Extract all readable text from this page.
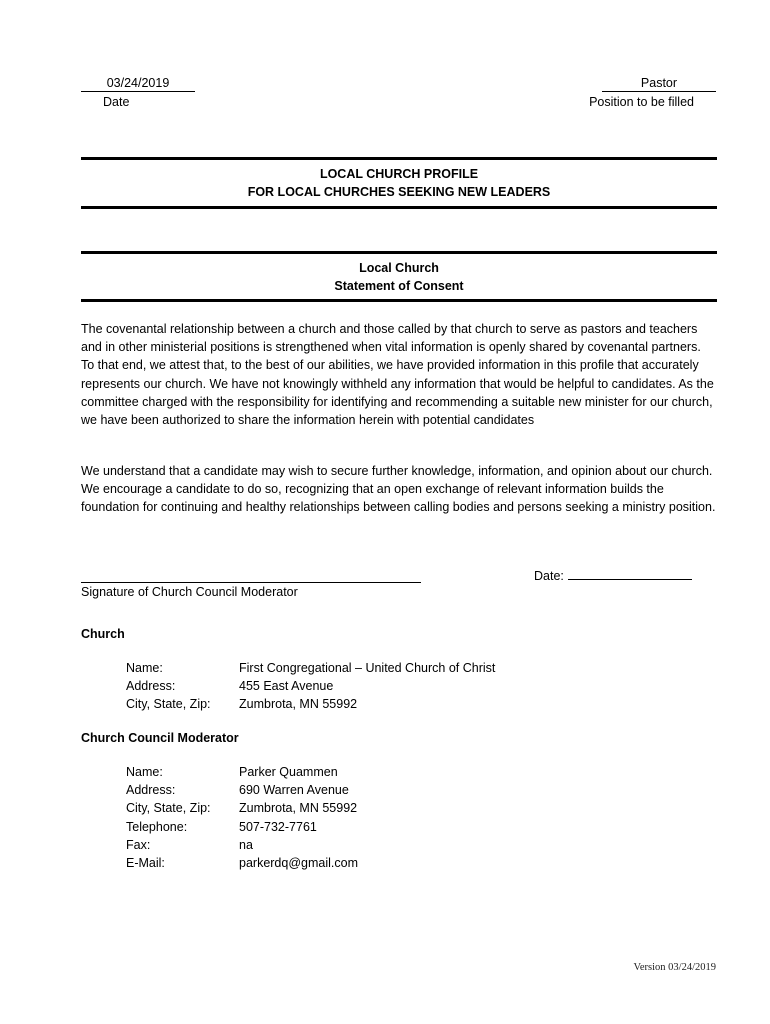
03/24/2019
Date
Pastor
Position to be filled
LOCAL CHURCH PROFILE
FOR LOCAL CHURCHES SEEKING NEW LEADERS
Local Church
Statement of Consent

The covenantal relationship between a church and those called by that church to serve as pastors and teachers and in other ministerial positions is strengthened when vital information is openly shared by covenantal partners. To that end, we attest that, to the best of our abilities, we have provided information in this profile that accurately represents our church. We have not knowingly withheld any information that would be helpful to candidates. As the committee charged with the responsibility for identifying and recommending a suitable new minister for our church, we have been authorized to share the information herein with potential candidates

We understand that a candidate may wish to secure further knowledge, information, and opinion about our church. We encourage a candidate to do so, recognizing that an open exchange of relevant information builds the foundation for continuing and healthy relationships between calling bodies and persons seeking a ministry position.

Signature of Church Council Moderator
Date:
Church
Name:	First Congregational – United Church of Christ
Address:	455 East Avenue
City, State, Zip:	Zumbrota, MN 55992
Church Council Moderator
Name:	Parker Quammen
Address:	690 Warren Avenue
City, State, Zip:	Zumbrota, MN 55992
Telephone:	507-732-7761
Fax:	na
E-Mail:	parkerdq@gmail.com
Version 03/24/2019
